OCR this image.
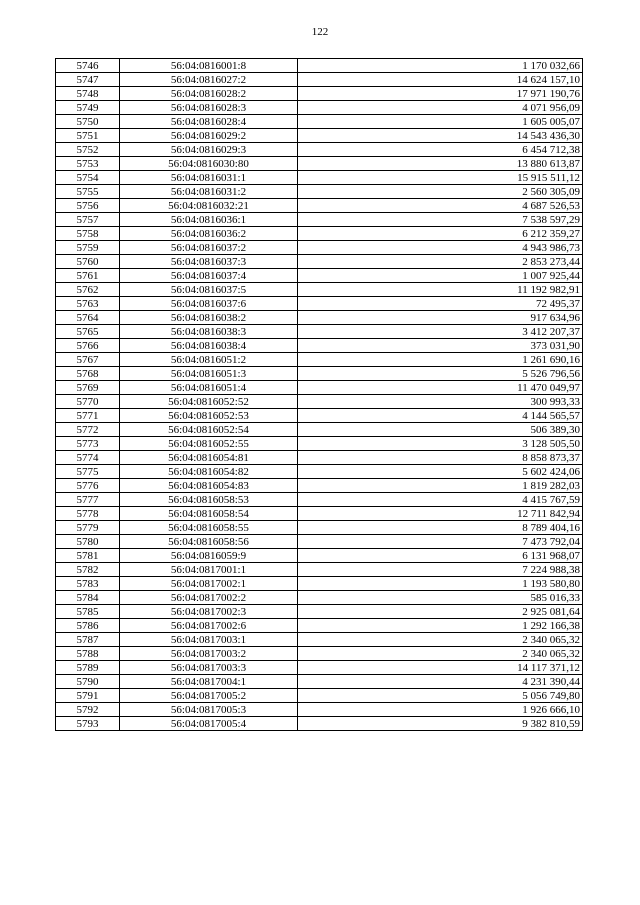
122
5746	56:04:0816001:8	1 170 032,66
5747	56:04:0816027:2	14 624 157,10
5748	56:04:0816028:2	17 971 190,76
5749	56:04:0816028:3	4 071 956,09
5750	56:04:0816028:4	1 605 005,07
5751	56:04:0816029:2	14 543 436,30
5752	56:04:0816029:3	6 454 712,38
5753	56:04:0816030:80	13 880 613,87
5754	56:04:0816031:1	15 915 511,12
5755	56:04:0816031:2	2 560 305,09
5756	56:04:0816032:21	4 687 526,53
5757	56:04:0816036:1	7 538 597,29
5758	56:04:0816036:2	6 212 359,27
5759	56:04:0816037:2	4 943 986,73
5760	56:04:0816037:3	2 853 273,44
5761	56:04:0816037:4	1 007 925,44
5762	56:04:0816037:5	11 192 982,91
5763	56:04:0816037:6	72 495,37
5764	56:04:0816038:2	917 634,96
5765	56:04:0816038:3	3 412 207,37
5766	56:04:0816038:4	373 031,90
5767	56:04:0816051:2	1 261 690,16
5768	56:04:0816051:3	5 526 796,56
5769	56:04:0816051:4	11 470 049,97
5770	56:04:0816052:52	300 993,33
5771	56:04:0816052:53	4 144 565,57
5772	56:04:0816052:54	506 389,30
5773	56:04:0816052:55	3 128 505,50
5774	56:04:0816054:81	8 858 873,37
5775	56:04:0816054:82	5 602 424,06
5776	56:04:0816054:83	1 819 282,03
5777	56:04:0816058:53	4 415 767,59
5778	56:04:0816058:54	12 711 842,94
5779	56:04:0816058:55	8 789 404,16
5780	56:04:0816058:56	7 473 792,04
5781	56:04:0816059:9	6 131 968,07
5782	56:04:0817001:1	7 224 988,38
5783	56:04:0817002:1	1 193 580,80
5784	56:04:0817002:2	585 016,33
5785	56:04:0817002:3	2 925 081,64
5786	56:04:0817002:6	1 292 166,38
5787	56:04:0817003:1	2 340 065,32
5788	56:04:0817003:2	2 340 065,32
5789	56:04:0817003:3	14 117 371,12
5790	56:04:0817004:1	4 231 390,44
5791	56:04:0817005:2	5 056 749,80
5792	56:04:0817005:3	1 926 666,10
5793	56:04:0817005:4	9 382 810,59
